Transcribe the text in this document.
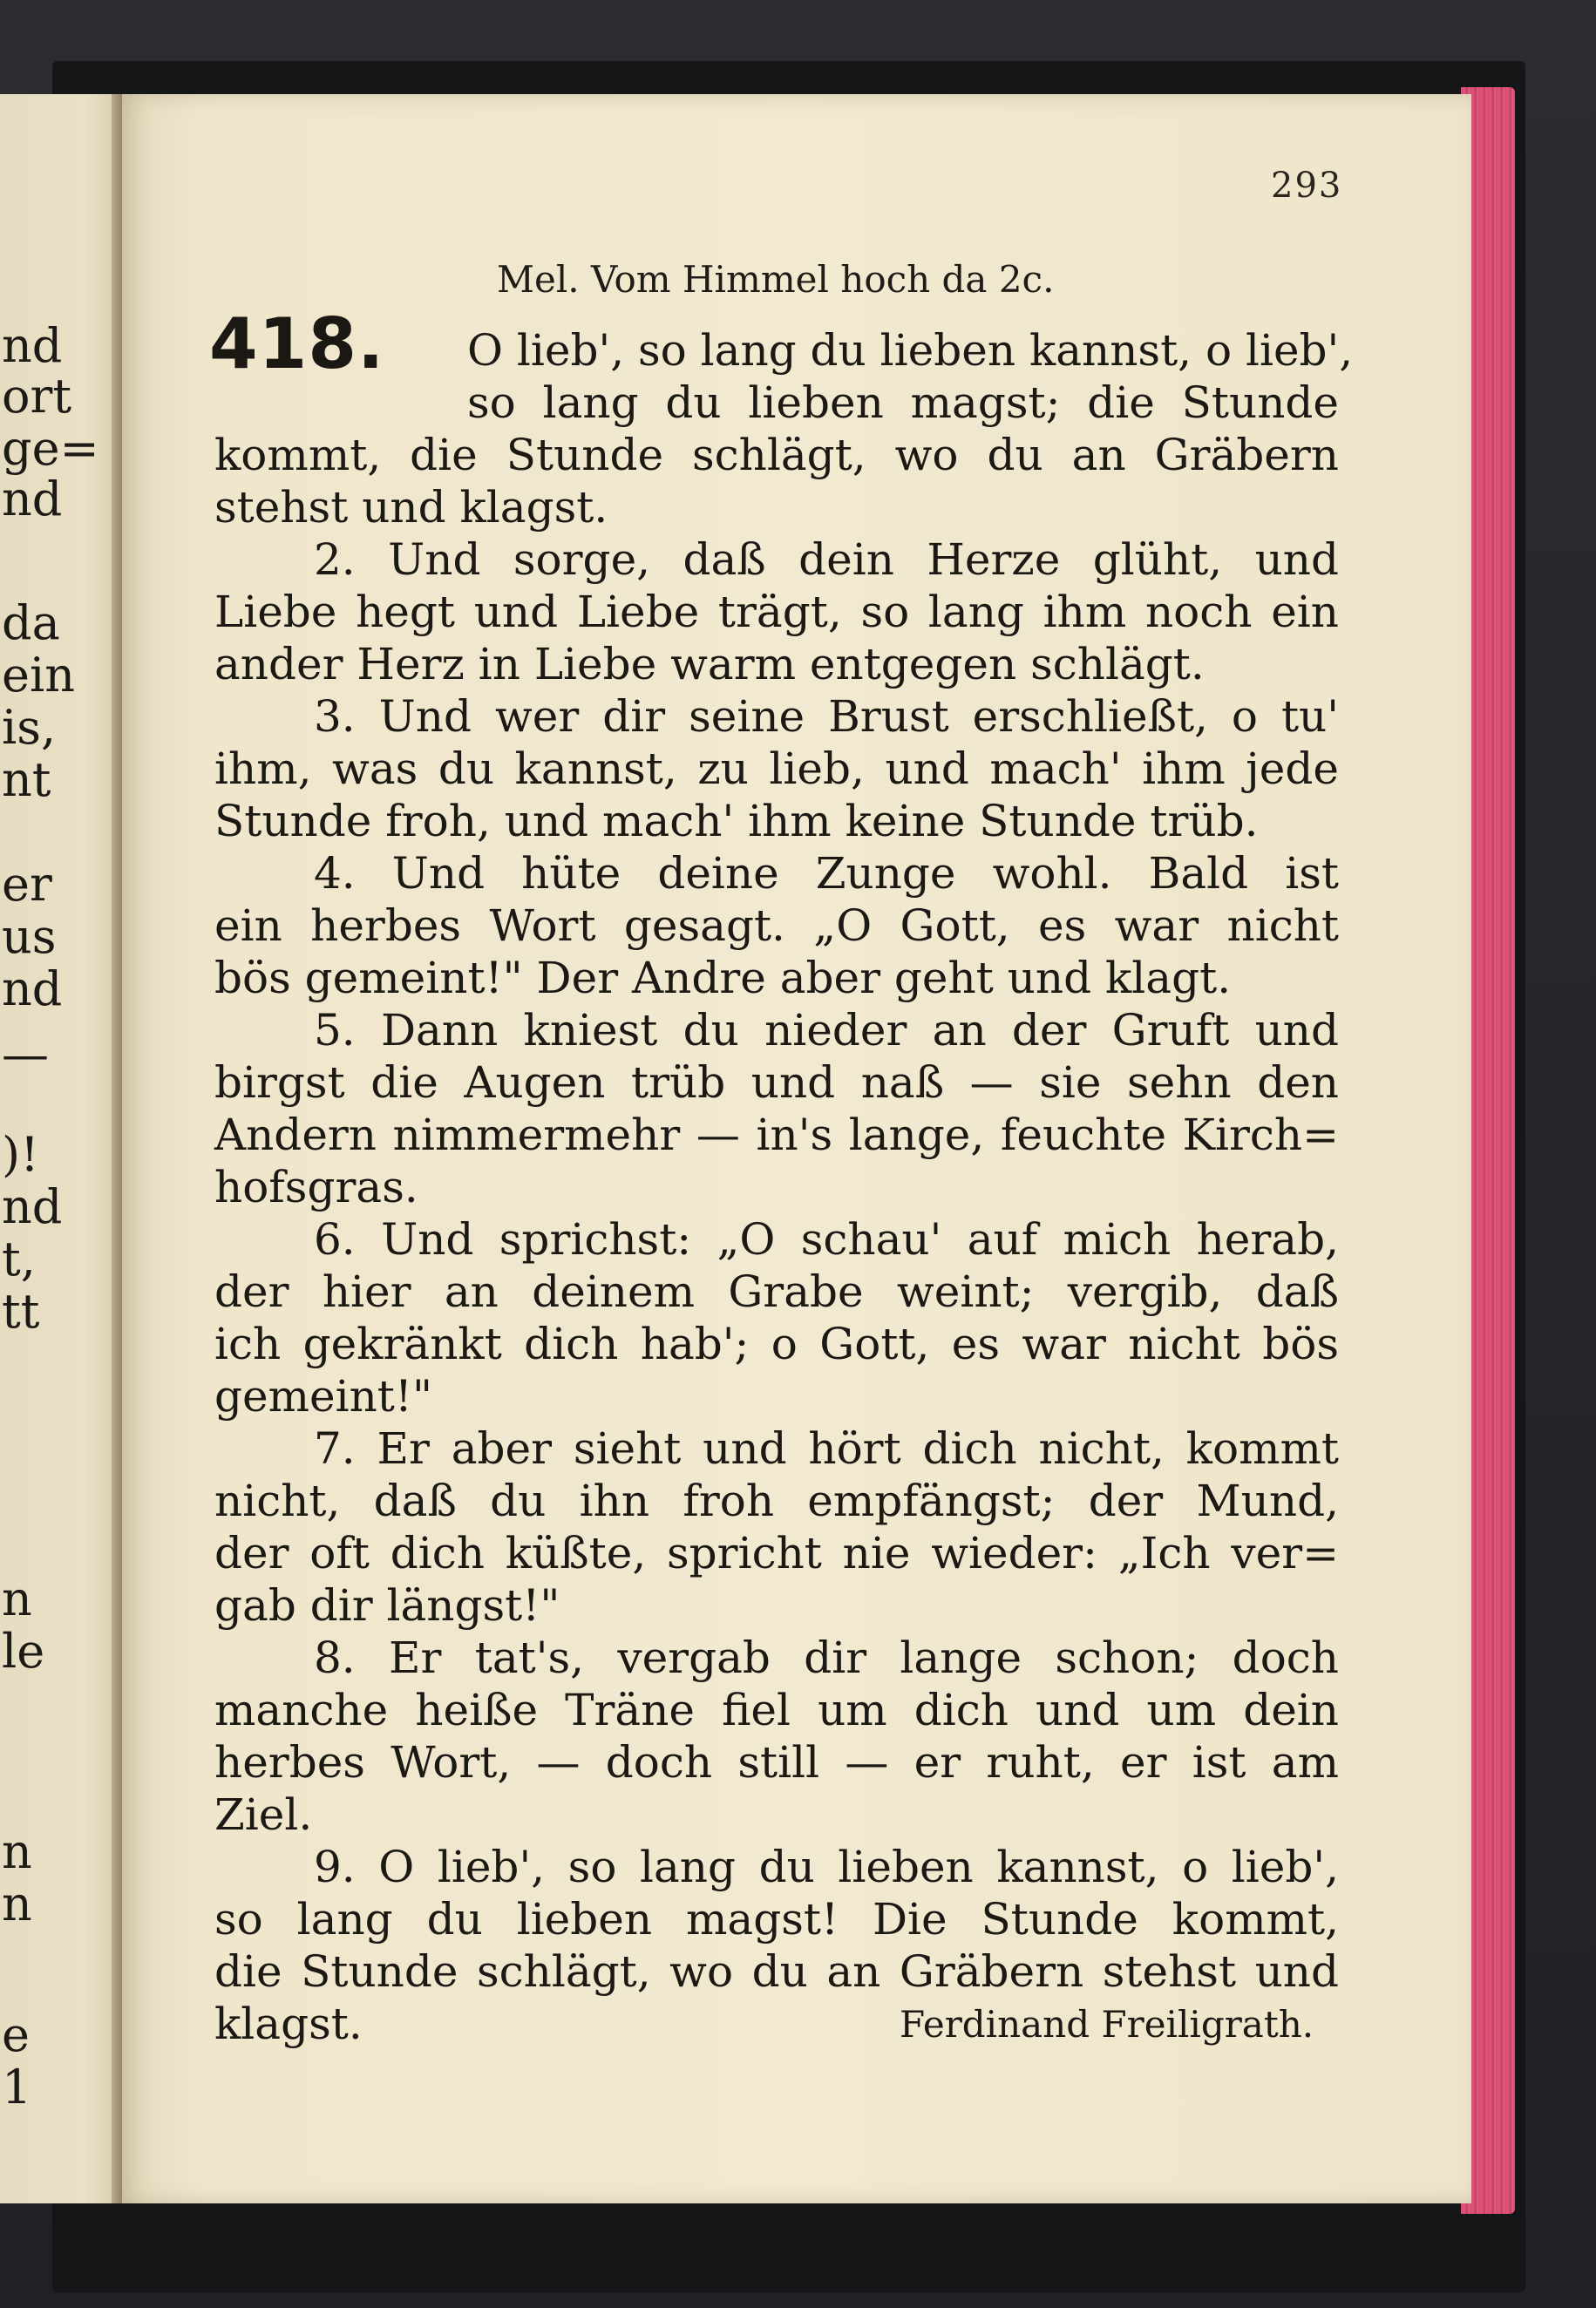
nd
ort
ge=
nd
da
ein
is,
nt
er
us
nd
—
)!
nd
t,
tt
n
le
n
n
e
1
293
Mel. Vom Himmel hoch da 2c.
418. O lieb', so lang du lieben kannst, o lieb',
so lang du lieben magst; die Stunde
kommt, die Stunde schlägt, wo du an Gräbern
stehst und klagst.
2. Und sorge, daß dein Herze glüht, und
Liebe hegt und Liebe trägt, so lang ihm noch ein
ander Herz in Liebe warm entgegen schlägt.
3. Und wer dir seine Brust erschließt, o tu'
ihm, was du kannst, zu lieb, und mach' ihm jede
Stunde froh, und mach' ihm keine Stunde trüb.
4. Und hüte deine Zunge wohl. Bald ist
ein herbes Wort gesagt. „O Gott, es war nicht
bös gemeint!" Der Andre aber geht und klagt.
5. Dann kniest du nieder an der Gruft und
birgst die Augen trüb und naß — sie sehn den
Andern nimmermehr — in's lange, feuchte Kirch=
hofsgras.
6. Und sprichst: „O schau' auf mich herab,
der hier an deinem Grabe weint; vergib, daß
ich gekränkt dich hab'; o Gott, es war nicht bös
gemeint!"
7. Er aber sieht und hört dich nicht, kommt
nicht, daß du ihn froh empfängst; der Mund,
der oft dich küßte, spricht nie wieder: „Ich ver=
gab dir längst!"
8. Er tat's, vergab dir lange schon; doch
manche heiße Träne fiel um dich und um dein
herbes Wort, — doch still — er ruht, er ist am
Ziel.
9. O lieb', so lang du lieben kannst, o lieb',
so lang du lieben magst! Die Stunde kommt,
die Stunde schlägt, wo du an Gräbern stehst und
klagst.	Ferdinand Freiligrath.
